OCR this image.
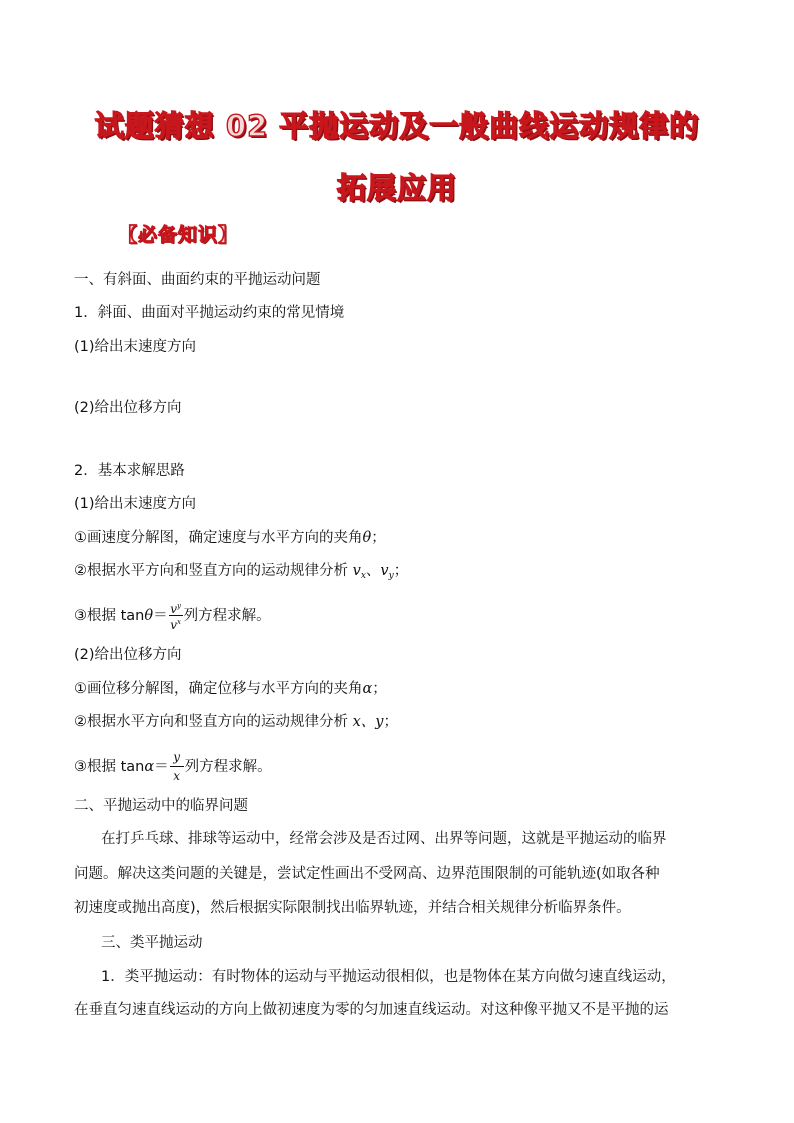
试题猜想 02 平抛运动及一般曲线运动规律的
拓展应用
【必备知识】
一、有斜面、曲面约束的平抛运动问题
1．斜面、曲面对平抛运动约束的常见情境
(1)给出末速度方向
(2)给出位移方向
2．基本求解思路
(1)给出末速度方向
①画速度分解图，确定速度与水平方向的夹角θ；
②根据水平方向和竖直方向的运动规律分析 $v_x$、$v_y$；
③根据 $\tan\theta= \frac{v^y}{v^x}$ 列方程求解。
(2)给出位移方向
①画位移分解图，确定位移与水平方向的夹角α；
②根据水平方向和竖直方向的运动规律分析 x、y；
③根据 $\tan\alpha= \frac{y}{x}$ 列方程求解。
二、平抛运动中的临界问题
在打乒乓球、排球等运动中，经常会涉及是否过网、出界等问题，这就是平抛运动的临界
问题。解决这类问题的关键是，尝试定性画出不受网高、边界范围限制的可能轨迹(如取各种
初速度或抛出高度)，然后根据实际限制找出临界轨迹，并结合相关规律分析临界条件。
三、类平抛运动
1．类平抛运动：有时物体的运动与平抛运动很相似，也是物体在某方向做匀速直线运动，
在垂直匀速直线运动的方向上做初速度为零的匀加速直线运动。对这种像平抛又不是平抛的运
